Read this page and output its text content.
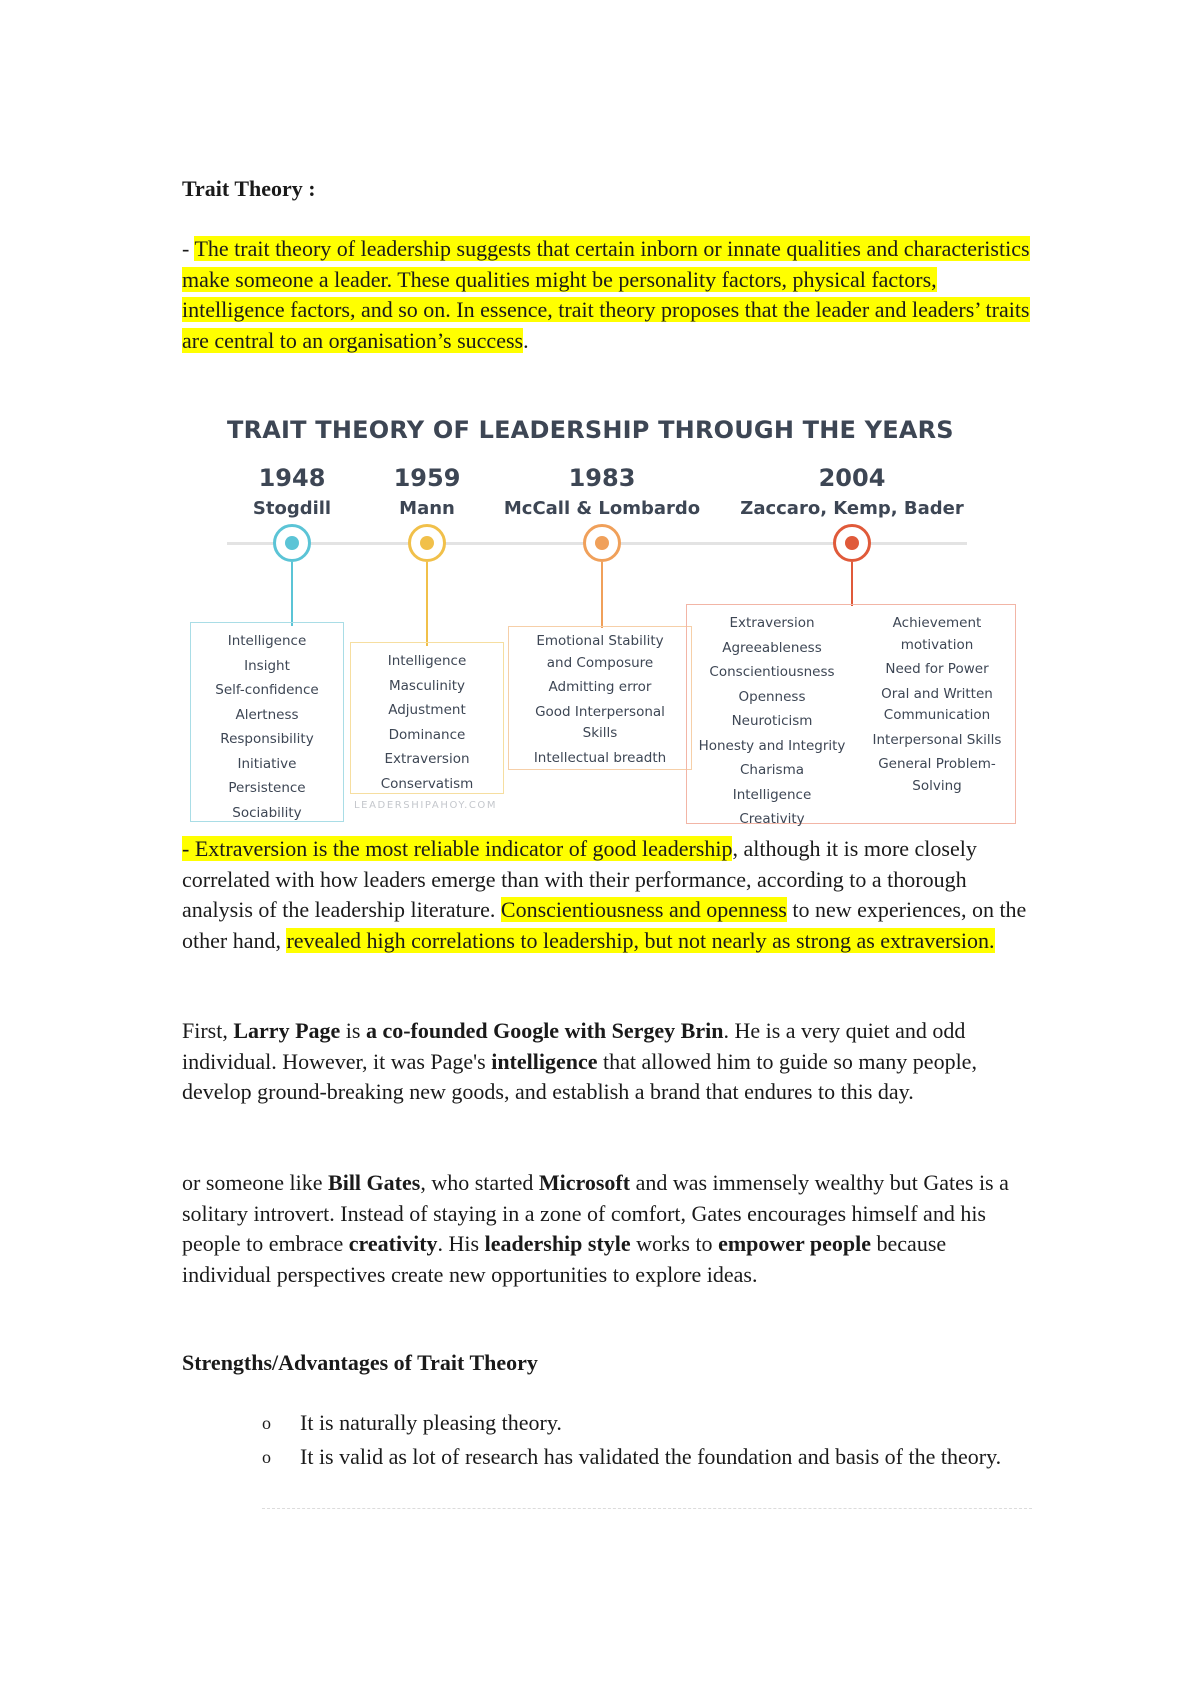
Trait Theory :
- The trait theory of leadership suggests that certain inborn or innate qualities and characteristics make someone a leader. These qualities might be personality factors, physical factors, intelligence factors, and so on. In essence, trait theory proposes that the leader and leaders’ traits are central to an organisation’s success.
TRAIT THEORY OF LEADERSHIP THROUGH THE YEARS
1948
Stogdill
Intelligence
Insight
Self-confidence
Alertness
Responsibility
Initiative
Persistence
Sociability
1959
Mann
Intelligence
Masculinity
Adjustment
Dominance
Extraversion
Conservatism
1983
McCall & Lombardo
Emotional Stability
and Composure
Admitting error
Good Interpersonal
Skills
Intellectual breadth
2004
Zaccaro, Kemp, Bader
Extraversion
Agreeableness
Conscientiousness
Openness
Neuroticism
Honesty and Integrity
Charisma
Intelligence
Creativity
Achievement
motivation
Need for Power
Oral and Written
Communication
Interpersonal Skills
General Problem-
Solving
LEADERSHIPAHOY.COM
- Extraversion is the most reliable indicator of good leadership, although it is more closely correlated with how leaders emerge than with their performance, according to a thorough analysis of the leadership literature. Conscientiousness and openness to new experiences, on the other hand, revealed high correlations to leadership, but not nearly as strong as extraversion.
First, Larry Page is a co-founded Google with Sergey Brin. He is a very quiet and odd individual. However, it was Page's intelligence that allowed him to guide so many people, develop ground-breaking new goods, and establish a brand that endures to this day.
or someone like Bill Gates, who started Microsoft and was immensely wealthy but Gates is a solitary introvert. Instead of staying in a zone of comfort, Gates encourages himself and his people to embrace creativity. His leadership style works to empower people because individual perspectives create new opportunities to explore ideas.
Strengths/Advantages of Trait Theory
o It is naturally pleasing theory.
o It is valid as lot of research has validated the foundation and basis of the theory.
